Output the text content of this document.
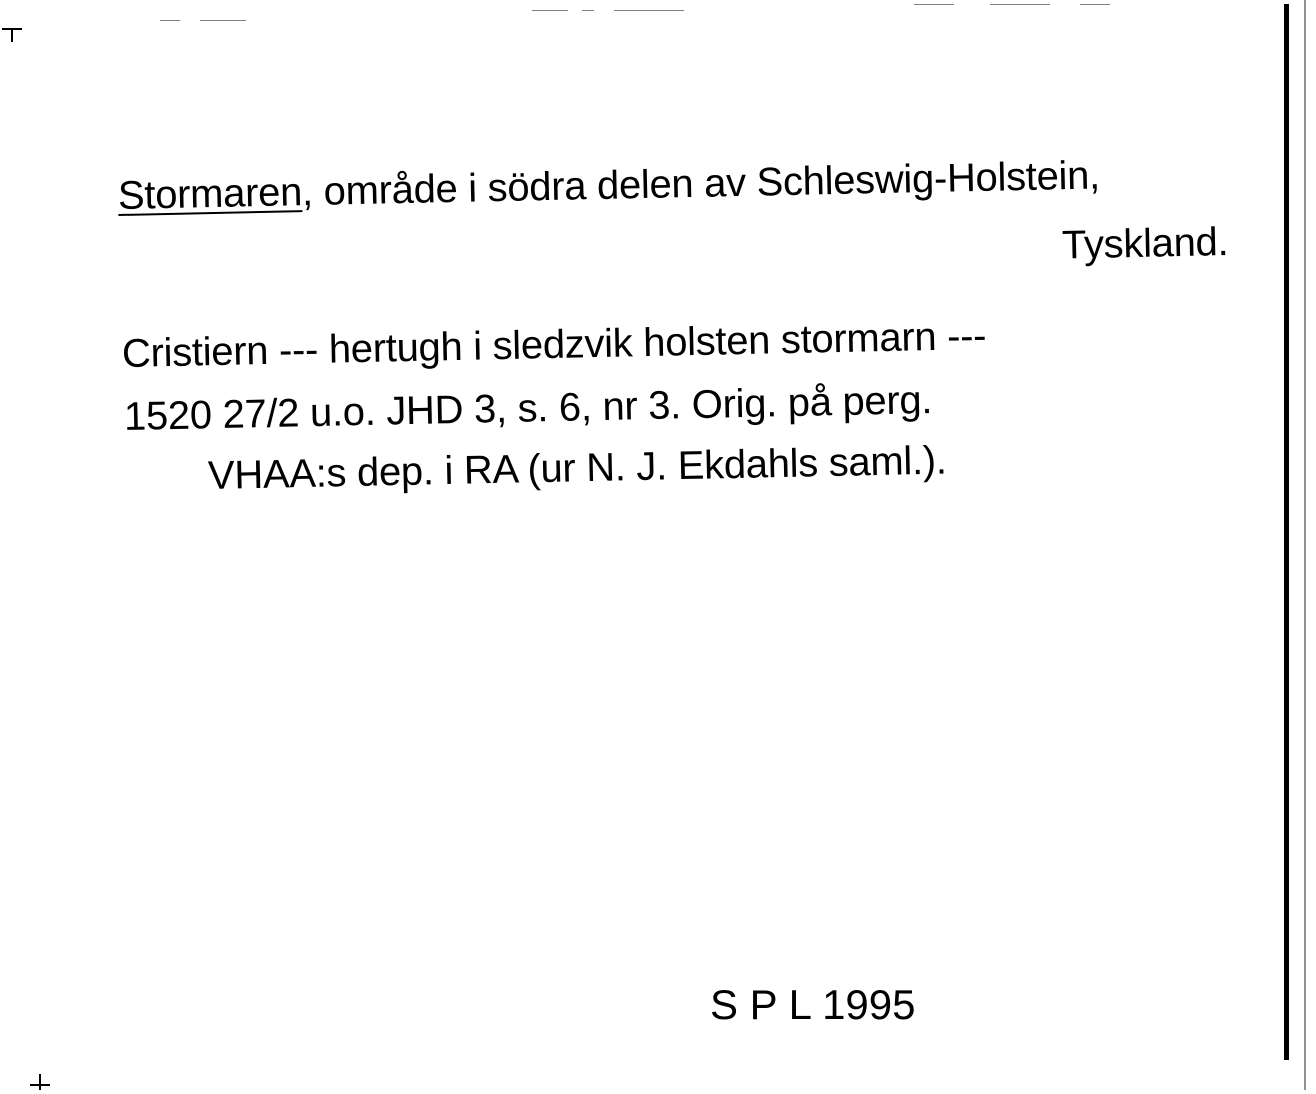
Stormaren, område i södra delen av Schleswig-Holstein,
Tyskland.
Cristiern --- hertugh i sledzvik holsten stormarn ---
1520 27/2 u.o. JHD 3, s. 6, nr 3. Orig. på perg.
VHAA:s dep. i RA (ur N. J. Ekdahls saml.).
S P L 1995
